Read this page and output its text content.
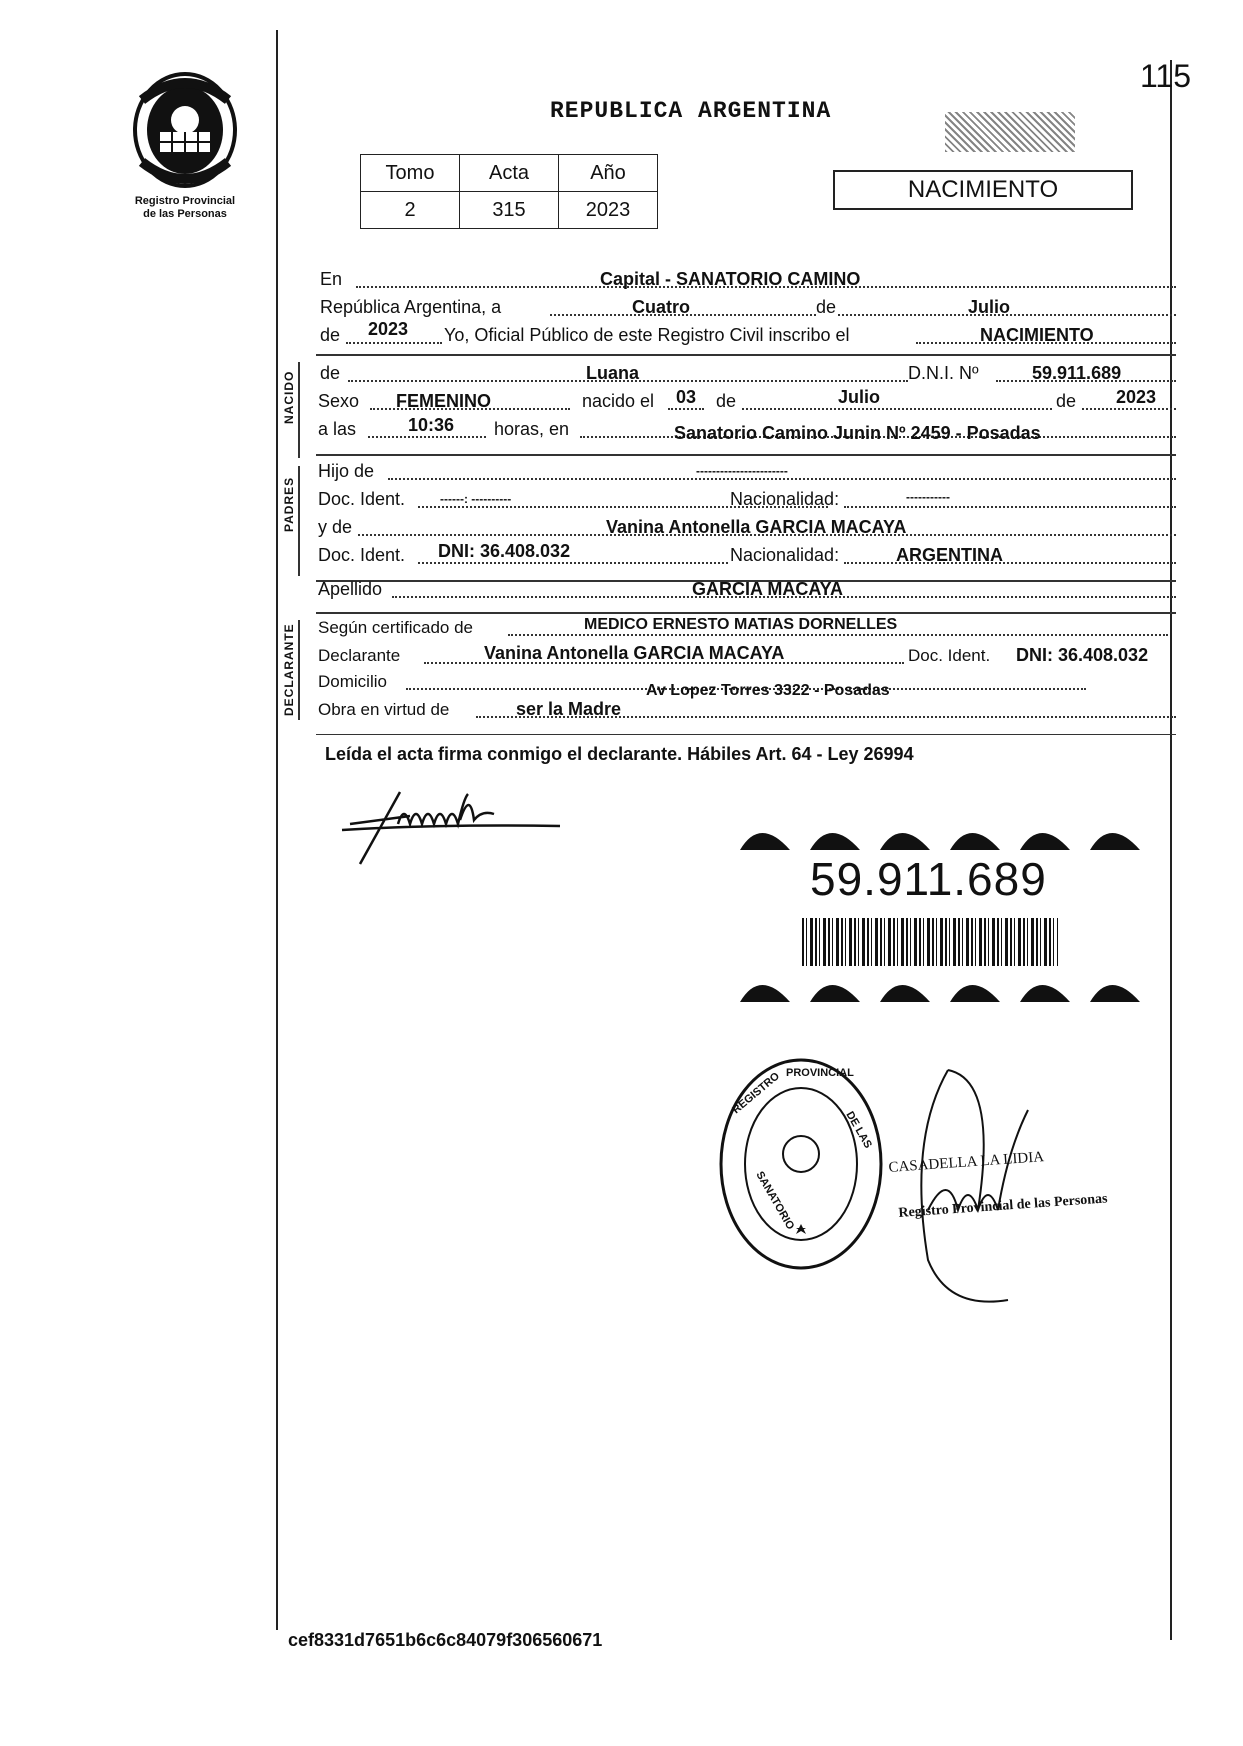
115
Registro Provincial
de las Personas
REPUBLICA ARGENTINA
Tomo	Acta	Año
2	315	2023
NACIMIENTO
En	Capital - SANATORIO CAMINO
República Argentina, a	Cuatro	de	Julio
de 2023 Yo, Oficial Público de este Registro Civil inscribo el	NACIMIENTO
NACIDO de	Luana	D.N.I. Nº	59.911.689
Sexo FEMENINO	nacido el 03 de	Julio	de 2023
a las	10:36 horas, en	Sanatorio Camino Junin Nº 2459 - Posadas
PADRES
Hijo de	-----------------------
Doc. Ident.	------: ----------	Nacionalidad:	-----------
y de	Vanina Antonella GARCIA MACAYA
Doc. Ident. DNI: 36.408.032	Nacionalidad:	ARGENTINA
Apellido	GARCIA MACAYA
DECLARANTE Según certificado de	MEDICO ERNESTO MATIAS DORNELLES
Declarante	Vanina Antonella GARCIA MACAYA	Doc. Ident. DNI: 36.408.032
Domicilio	Av Lopez Torres 3322 - Posadas
Obra en virtud de	ser la Madre
Leída el acta firma conmigo el declarante. Hábiles Art. 64 - Ley 26994
59.911.689
REGISTRO PROVINCIAL
DE LAS
SANATORIO
CASADELLA LA LIDIA
Registro Provincial de las Personas
cef8331d7651b6c6c84079f306560671
